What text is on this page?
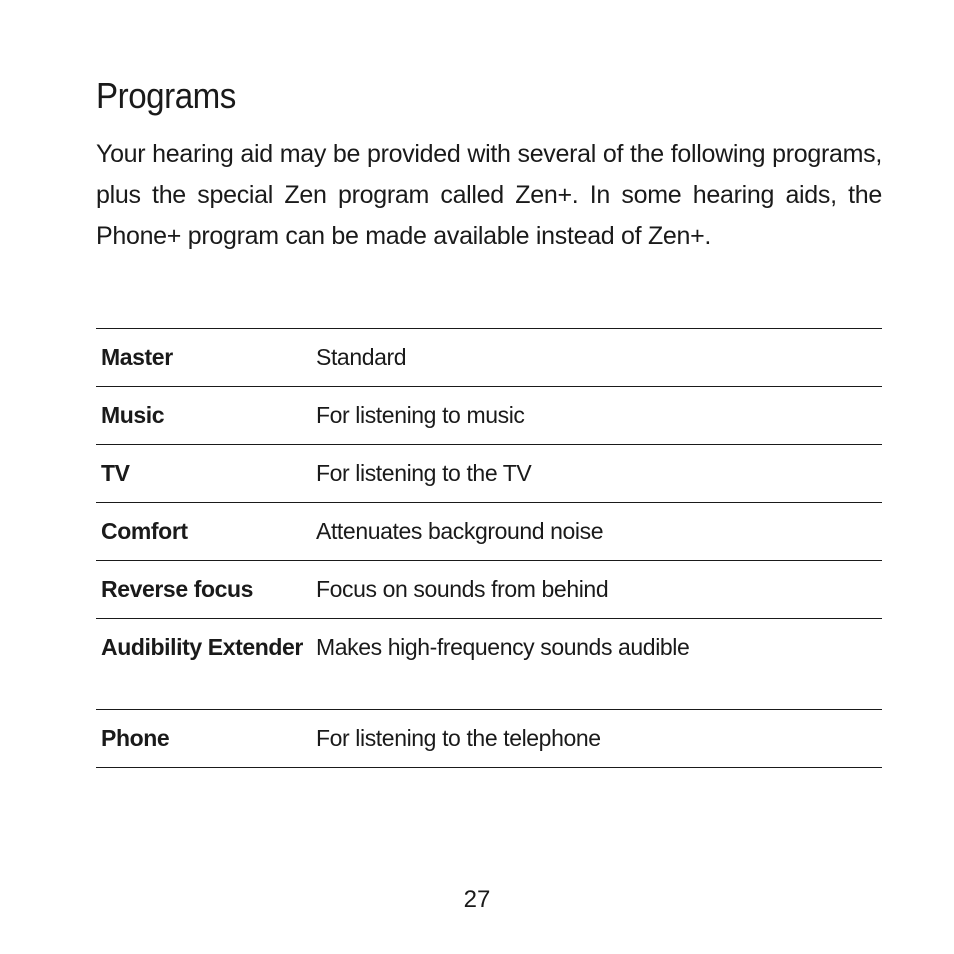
Programs

Your hearing aid may be provided with several of the following programs, plus the special Zen program called Zen+. In some hearing aids, the Phone+ program can be made available instead of Zen+.

Master	Standard
Music	For listening to music
TV	For listening to the TV
Comfort	Attenuates background noise
Reverse focus	Focus on sounds from behind
Audibility Extender	Makes high-frequency sounds audible
Phone	For listening to the telephone
27
